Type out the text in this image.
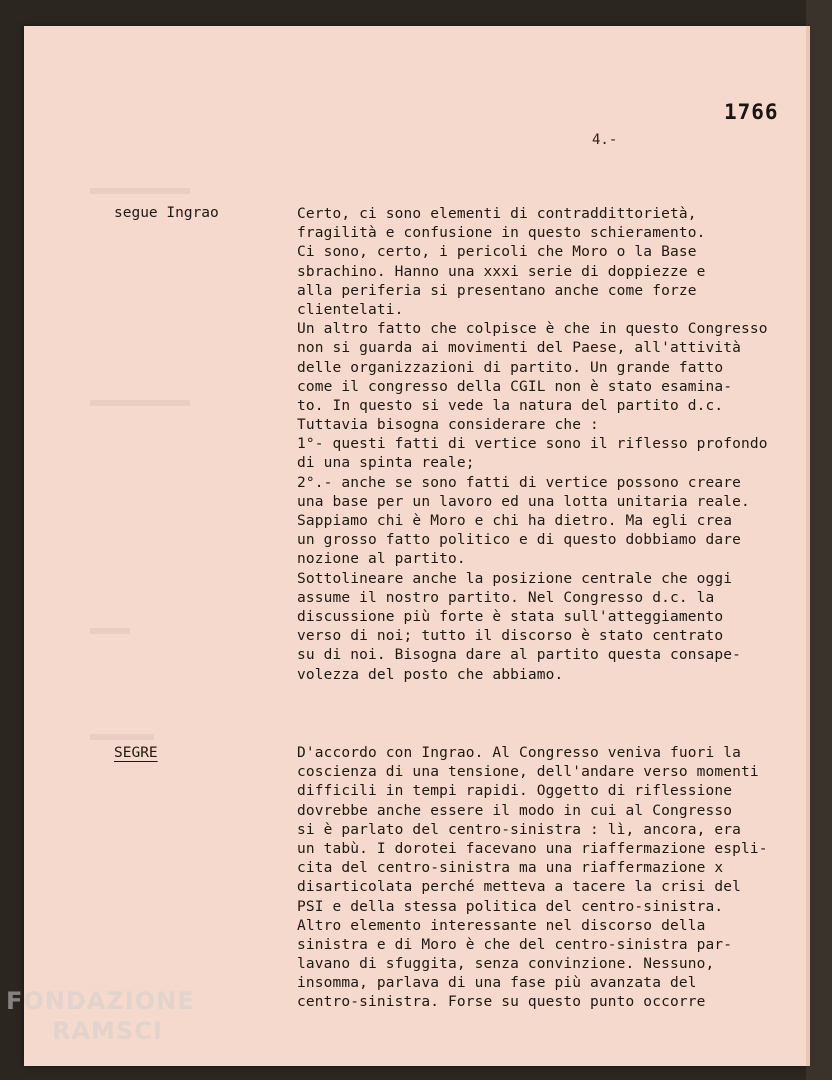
1766
4.-
segue Ingrao	Certo, ci sono elementi di contraddittorietà,
fragilità e confusione in questo schieramento.
Ci sono, certo, i pericoli che Moro o la Base
sbrachino. Hanno una xxxi serie di doppiezze e
alla periferia si presentano anche come forze
clientelati.
Un altro fatto che colpisce è che in questo Congresso
non si guarda ai movimenti del Paese, all'attività
delle organizzazioni di partito. Un grande fatto
come il congresso della CGIL non è stato esamina-
to. In questo si vede la natura del partito d.c.
Tuttavia bisogna considerare che :
1°- questi fatti di vertice sono il riflesso profondo
di una spinta reale;
2°.- anche se sono fatti di vertice possono creare
una base per un lavoro ed una lotta unitaria reale.
Sappiamo chi è Moro e chi ha dietro. Ma egli crea
un grosso fatto politico e di questo dobbiamo dare
nozione al partito.
Sottolineare anche la posizione centrale che oggi
assume il nostro partito. Nel Congresso d.c. la
discussione più forte è stata sull'atteggiamento
verso di noi; tutto il discorso è stato centrato
su di noi. Bisogna dare al partito questa consape-
volezza del posto che abbiamo.
SEGRE	D'accordo con Ingrao. Al Congresso veniva fuori la
coscienza di una tensione, dell'andare verso momenti
difficili in tempi rapidi. Oggetto di riflessione
dovrebbe anche essere il modo in cui al Congresso
si è parlato del centro-sinistra : lì, ancora, era
un tabù. I dorotei facevano una riaffermazione espli-
cita del centro-sinistra ma una riaffermazione x
disarticolata perché metteva a tacere la crisi del
PSI e della stessa politica del centro-sinistra.
Altro elemento interessante nel discorso della
sinistra e di Moro è che del centro-sinistra par-
lavano di sfuggita, senza convinzione. Nessuno,
insomma, parlava di una fase più avanzata del
centro-sinistra. Forse su questo punto occorre
FONDAZIONE
RAMSCI
